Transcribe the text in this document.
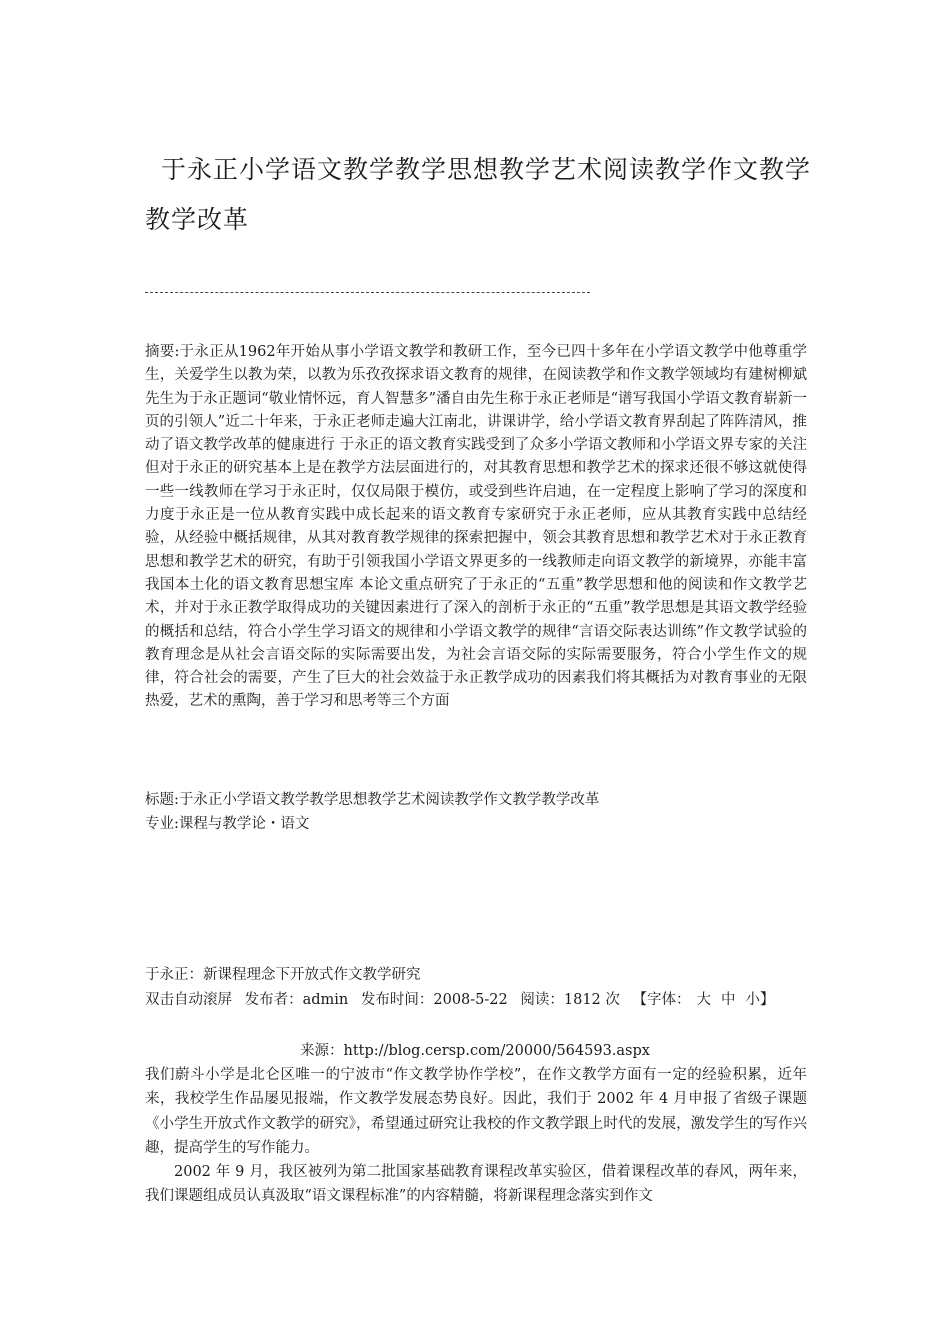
于永正小学语文教学教学思想教学艺术阅读教学作文教学教学改革

摘要:于永正从1962年开始从事小学语文教学和教研工作，至今已四十多年在小学语文教学中他尊重学生，关爱学生以教为荣，以教为乐孜孜探求语文教育的规律，在阅读教学和作文教学领域均有建树柳斌先生为于永正题词“敬业情怀远，育人智慧多”潘自由先生称于永正老师是“谱写我国小学语文教育崭新一页的引领人”近二十年来，于永正老师走遍大江南北，讲课讲学，给小学语文教育界刮起了阵阵清风，推动了语文教学改革的健康进行 于永正的语文教育实践受到了众多小学语文教师和小学语文界专家的关注但对于永正的研究基本上是在教学方法层面进行的，对其教育思想和教学艺术的探求还很不够这就使得一些一线教师在学习于永正时，仅仅局限于模仿，或受到些许启迪，在一定程度上影响了学习的深度和力度于永正是一位从教育实践中成长起来的语文教育专家研究于永正老师，应从其教育实践中总结经验，从经验中概括规律，从其对教育教学规律的探索把握中，领会其教育思想和教学艺术对于永正教育思想和教学艺术的研究，有助于引领我国小学语文界更多的一线教师走向语文教学的新境界，亦能丰富我国本土化的语文教育思想宝库 本论文重点研究了于永正的“五重”教学思想和他的阅读和作文教学艺术，并对于永正教学取得成功的关键因素进行了深入的剖析于永正的“五重”教学思想是其语文教学经验的概括和总结，符合小学生学习语文的规律和小学语文教学的规律“言语交际表达训练”作文教学试验的教育理念是从社会言语交际的实际需要出发，为社会言语交际的实际需要服务，符合小学生作文的规律，符合社会的需要，产生了巨大的社会效益于永正教学成功的因素我们将其概括为对教育事业的无限热爱，艺术的熏陶，善于学习和思考等三个方面

标题:于永正小学语文教学教学思想教学艺术阅读教学作文教学教学改革

专业:课程与教学论・语文

于永正：新课程理念下开放式作文教学研究

双击自动滚屏 发布者：admin 发布时间：2008-5-22 阅读：1812 次 【字体： 大 中 小】

来源：http://blog.cersp.com/20000/564593.aspx

我们蔚斗小学是北仑区唯一的宁波市“作文教学协作学校”，在作文教学方面有一定的经验积累，近年来，我校学生作品屡见报端，作文教学发展态势良好。因此，我们于 2002 年 4 月申报了省级子课题《小学生开放式作文教学的研究》，希望通过研究让我校的作文教学跟上时代的发展，激发学生的写作兴趣，提高学生的写作能力。

2002 年 9 月，我区被列为第二批国家基础教育课程改革实验区，借着课程改革的春风，两年来，我们课题组成员认真汲取“语文课程标准”的内容精髓，将新课程理念落实到作文
